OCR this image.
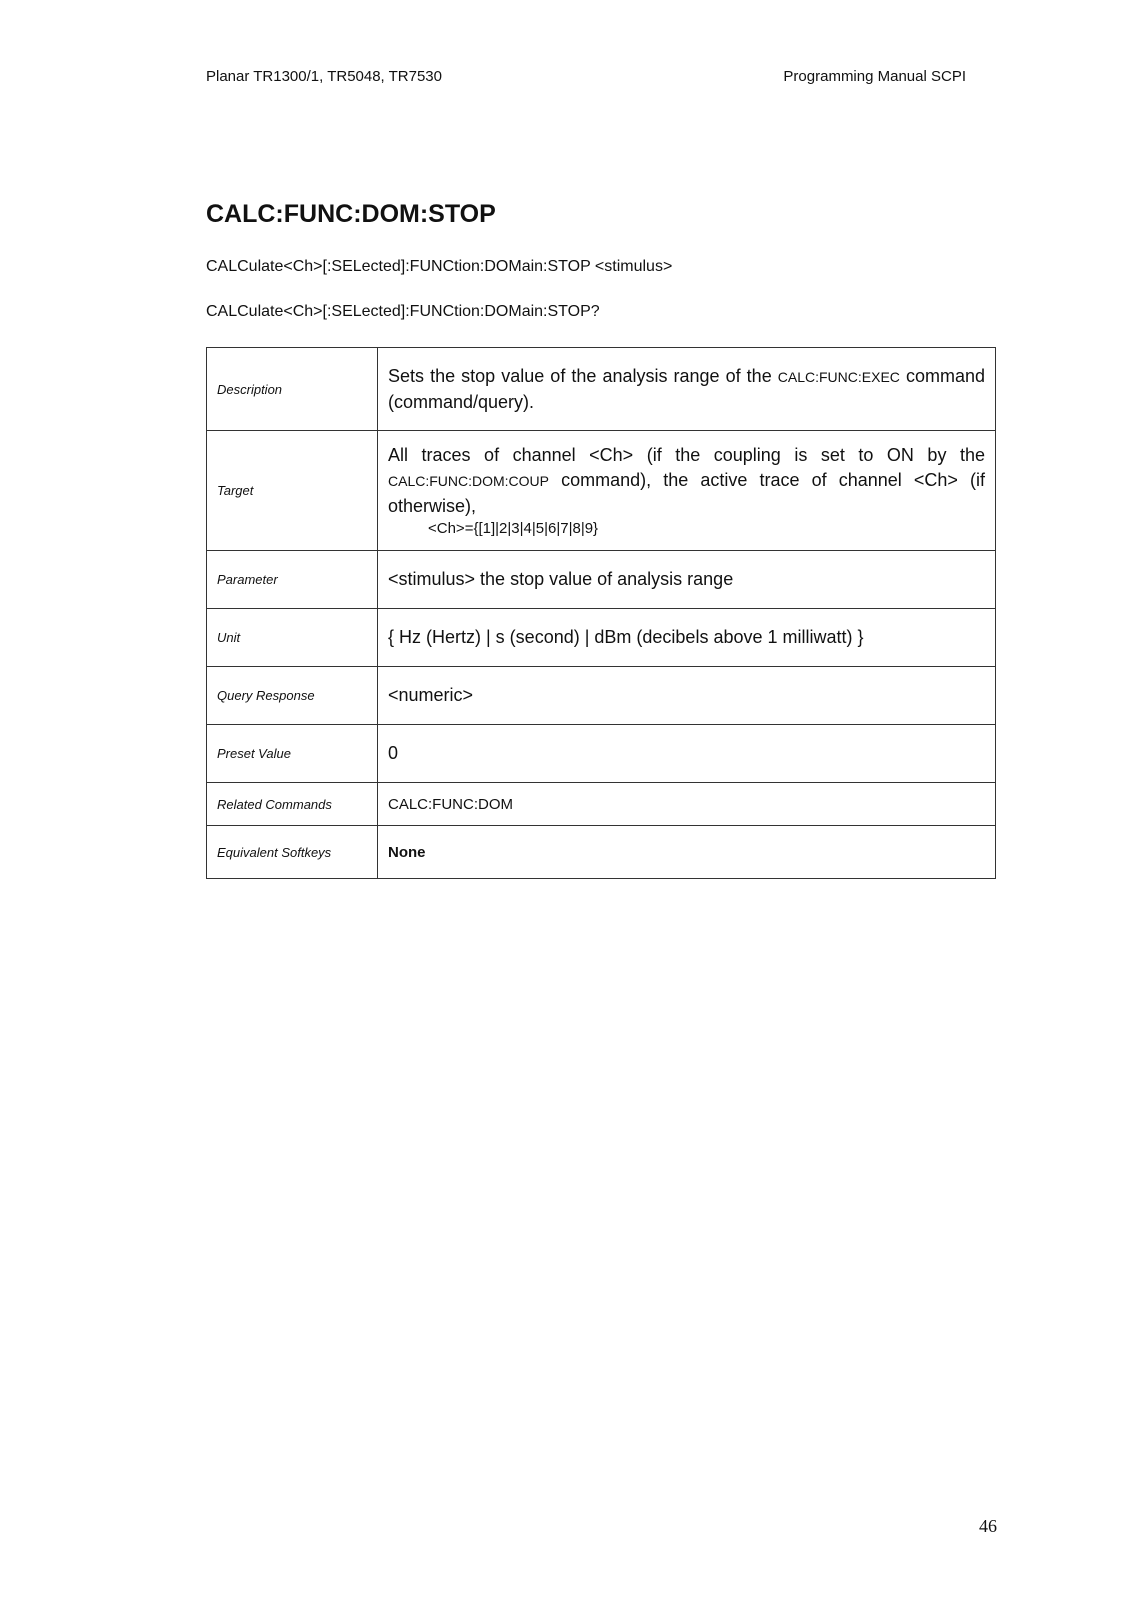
Planar TR1300/1, TR5048, TR7530	Programming Manual SCPI
CALC:FUNC:DOM:STOP
CALCulate<Ch>[:SELected]:FUNCtion:DOMain:STOP <stimulus>
CALCulate<Ch>[:SELected]:FUNCtion:DOMain:STOP?
Description	Sets the stop value of the analysis range of the CALC:FUNC:EXEC command (command/query).
Target	All traces of channel <Ch> (if the coupling is set to ON by the CALC:FUNC:DOM:COUP command), the active trace of channel <Ch> (if otherwise),
<Ch>={[1]|2|3|4|5|6|7|8|9}

Parameter	<stimulus> the stop value of analysis range
Unit	{ Hz (Hertz) | s (second) | dBm (decibels above 1 milliwatt) }
Query Response	<numeric>
Preset Value	0
Related Commands	CALC:FUNC:DOM
Equivalent Softkeys	None
46
